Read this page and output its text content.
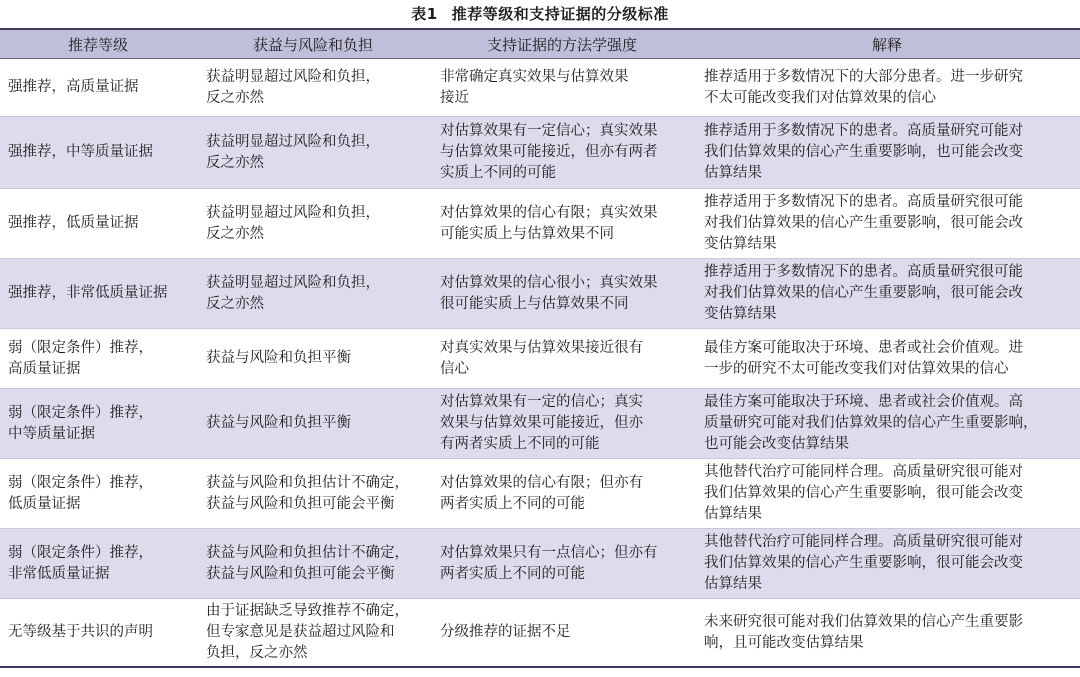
表1 推荐等级和支持证据的分级标准
推荐等级	获益与风险和负担	支持证据的方法学强度	解释

强推荐，高质量证据	获益明显超过风险和负担，
反之亦然	非常确定真实效果与估算效果
接近	推荐适用于多数情况下的大部分患者。进一步研究
不太可能改变我们对估算效果的信心

强推荐，中等质量证据	获益明显超过风险和负担，
反之亦然	对估算效果有一定信心；真实效果
与估算效果可能接近，但亦有两者
实质上不同的可能	推荐适用于多数情况下的患者。高质量研究可能对
我们估算效果的信心产生重要影响，也可能会改变
估算结果

强推荐，低质量证据	获益明显超过风险和负担，
反之亦然	对估算效果的信心有限；真实效果
可能实质上与估算效果不同	推荐适用于多数情况下的患者。高质量研究很可能
对我们估算效果的信心产生重要影响，很可能会改
变估算结果

强推荐，非常低质量证据	获益明显超过风险和负担，
反之亦然	对估算效果的信心很小；真实效果
很可能实质上与估算效果不同	推荐适用于多数情况下的患者。高质量研究很可能
对我们估算效果的信心产生重要影响，很可能会改
变估算结果

弱（限定条件）推荐，
高质量证据	获益与风险和负担平衡	对真实效果与估算效果接近很有
信心	最佳方案可能取决于环境、患者或社会价值观。进
一步的研究不太可能改变我们对估算效果的信心

弱（限定条件）推荐，
中等质量证据	获益与风险和负担平衡	对估算效果有一定的信心；真实
效果与估算效果可能接近，但亦
有两者实质上不同的可能	最佳方案可能取决于环境、患者或社会价值观。高
质量研究可能对我们估算效果的信心产生重要影响，
也可能会改变估算结果

弱（限定条件）推荐，
低质量证据	获益与风险和负担估计不确定，
获益与风险和负担可能会平衡	对估算效果的信心有限；但亦有
两者实质上不同的可能	其他替代治疗可能同样合理。高质量研究很可能对
我们估算效果的信心产生重要影响，很可能会改变
估算结果

弱（限定条件）推荐，
非常低质量证据	获益与风险和负担估计不确定，
获益与风险和负担可能会平衡	对估算效果只有一点信心；但亦有
两者实质上不同的可能	其他替代治疗可能同样合理。高质量研究很可能对
我们估算效果的信心产生重要影响，很可能会改变
估算结果

无等级基于共识的声明	由于证据缺乏导致推荐不确定，
但专家意见是获益超过风险和
负担，反之亦然	分级推荐的证据不足	未来研究很可能对我们估算效果的信心产生重要影
响，且可能改变估算结果
